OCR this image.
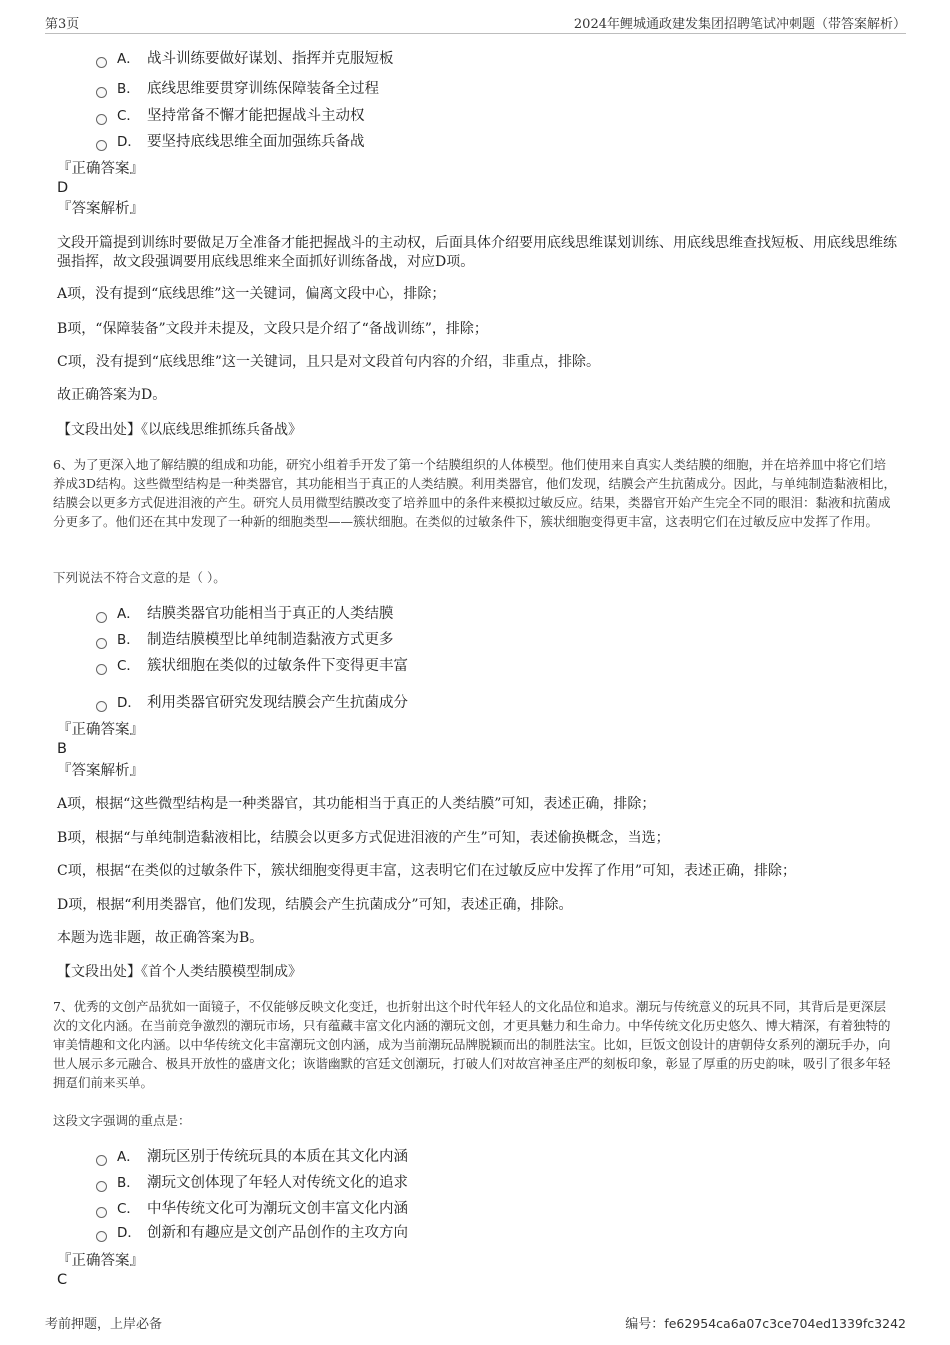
第3页	2024年鲤城通政建发集团招聘笔试冲刺题（带答案解析）
A． 战斗训练要做好谋划、指挥并克服短板
B． 底线思维要贯穿训练保障装备全过程
C． 坚持常备不懈才能把握战斗主动权
D． 要坚持底线思维全面加强练兵备战
『正确答案』
D
『答案解析』
文段开篇提到训练时要做足万全准备才能把握战斗的主动权，后面具体介绍要用底线思维谋划训练、用底线思维查找短板、用底线思维练强指挥，故文段强调要用底线思维来全面抓好训练备战，对应D项。
A项，没有提到“底线思维”这一关键词，偏离文段中心，排除；
B项，“保障装备”文段并未提及，文段只是介绍了“备战训练”，排除；
C项，没有提到“底线思维”这一关键词，且只是对文段首句内容的介绍，非重点，排除。
故正确答案为D。
【文段出处】《以底线思维抓练兵备战》
6、为了更深入地了解结膜的组成和功能，研究小组着手开发了第一个结膜组织的人体模型。他们使用来自真实人类结膜的细胞，并在培养皿中将它们培养成3D结构。这些微型结构是一种类器官，其功能相当于真正的人类结膜。利用类器官，他们发现，结膜会产生抗菌成分。因此，与单纯制造黏液相比，结膜会以更多方式促进泪液的产生。研究人员用微型结膜改变了培养皿中的条件来模拟过敏反应。结果，类器官开始产生完全不同的眼泪：黏液和抗菌成分更多了。他们还在其中发现了一种新的细胞类型——簇状细胞。在类似的过敏条件下，簇状细胞变得更丰富，这表明它们在过敏反应中发挥了作用。
下列说法不符合文意的是（ ）。
A． 结膜类器官功能相当于真正的人类结膜
B． 制造结膜模型比单纯制造黏液方式更多
C． 簇状细胞在类似的过敏条件下变得更丰富
D． 利用类器官研究发现结膜会产生抗菌成分
『正确答案』
B
『答案解析』
A项，根据“这些微型结构是一种类器官，其功能相当于真正的人类结膜”可知，表述正确，排除；
B项，根据“与单纯制造黏液相比，结膜会以更多方式促进泪液的产生”可知，表述偷换概念，当选；
C项，根据“在类似的过敏条件下，簇状细胞变得更丰富，这表明它们在过敏反应中发挥了作用”可知，表述正确，排除；
D项，根据“利用类器官，他们发现，结膜会产生抗菌成分”可知，表述正确，排除。
本题为选非题，故正确答案为B。
【文段出处】《首个人类结膜模型制成》
7、优秀的文创产品犹如一面镜子，不仅能够反映文化变迁，也折射出这个时代年轻人的文化品位和追求。潮玩与传统意义的玩具不同，其背后是更深层次的文化内涵。在当前竞争激烈的潮玩市场，只有蕴藏丰富文化内涵的潮玩文创，才更具魅力和生命力。中华传统文化历史悠久、博大精深，有着独特的审美情趣和文化内涵。以中华传统文化丰富潮玩文创内涵，成为当前潮玩品牌脱颖而出的制胜法宝。比如，巨饭文创设计的唐朝侍女系列的潮玩手办，向世人展示多元融合、极具开放性的盛唐文化；诙谐幽默的宫廷文创潮玩，打破人们对故宫神圣庄严的刻板印象，彰显了厚重的历史韵味，吸引了很多年轻拥趸们前来买单。
这段文字强调的重点是：
A． 潮玩区别于传统玩具的本质在其文化内涵
B． 潮玩文创体现了年轻人对传统文化的追求
C． 中华传统文化可为潮玩文创丰富文化内涵
D． 创新和有趣应是文创产品创作的主攻方向
『正确答案』
C
考前押题，上岸必备	编号：fe62954ca6a07c3ce704ed1339fc3242
